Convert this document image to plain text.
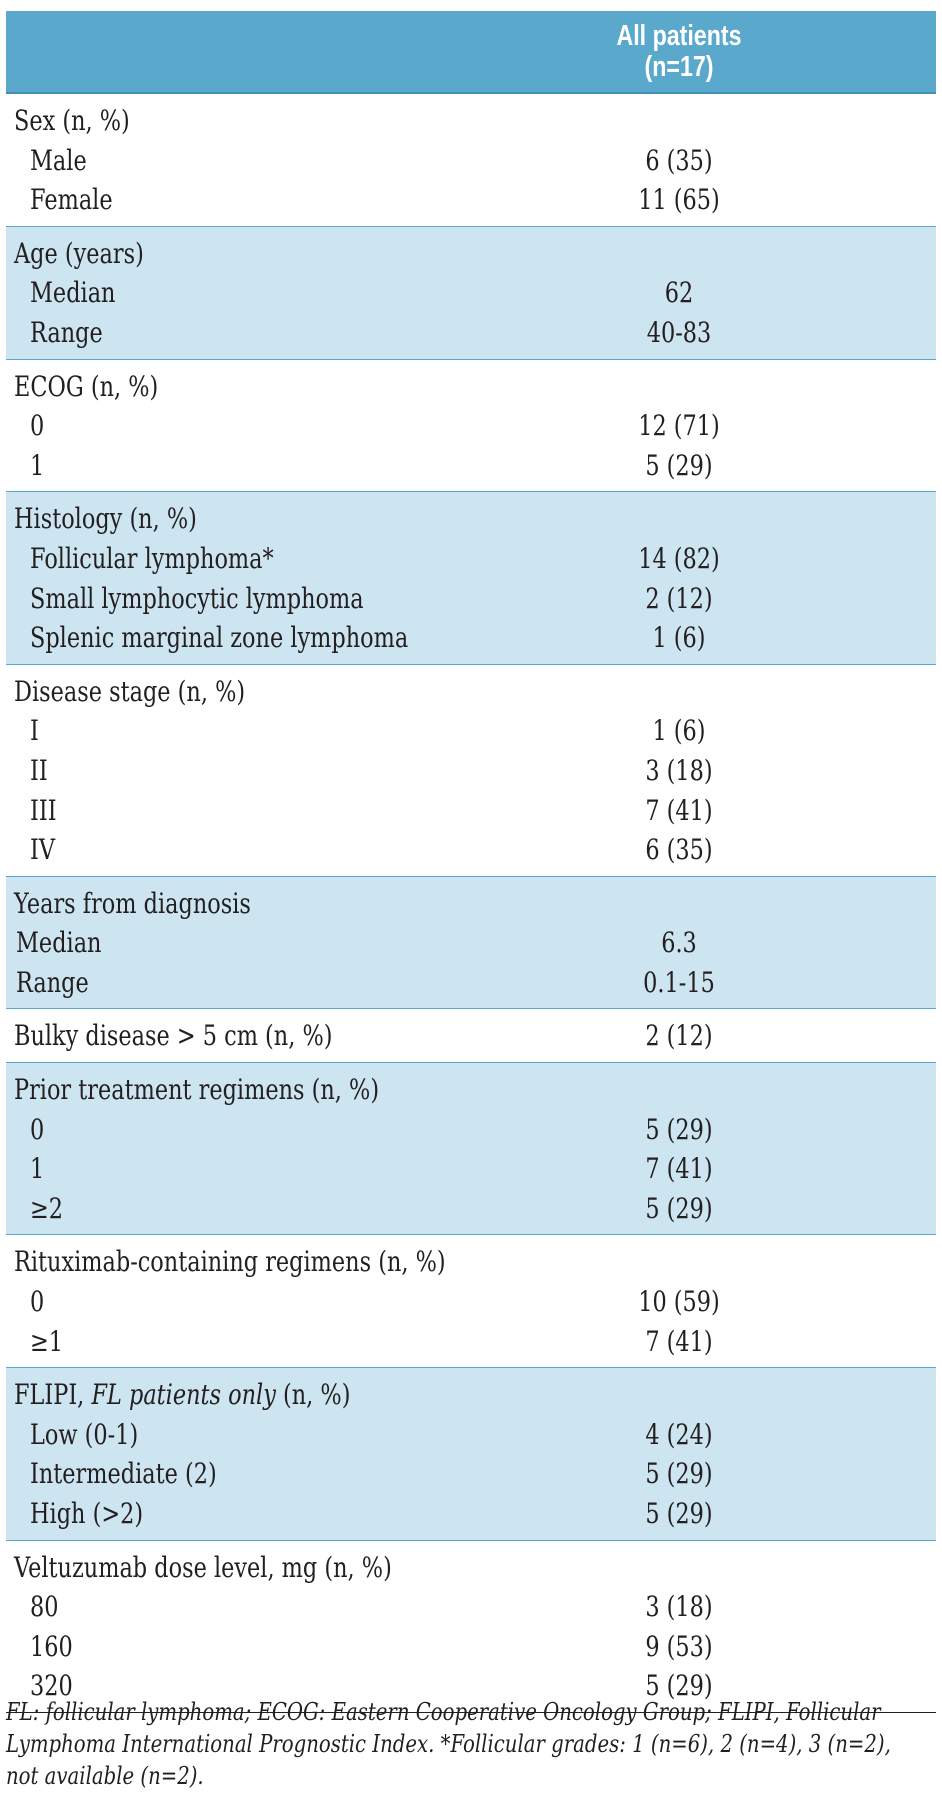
All patients
(n=17)
Sex (n, %)
Male	6 (35)
Female	11 (65)
Age (years)
Median	62
Range	40-83
ECOG (n, %)
0	12 (71)
1	5 (29)
Histology (n, %)
Follicular lymphoma*	14 (82)
Small lymphocytic lymphoma	2 (12)
Splenic marginal zone lymphoma	1 (6)
Disease stage (n, %)
I	1 (6)
II	3 (18)
III	7 (41)
IV	6 (35)
Years from diagnosis
Median	6.3
Range	0.1-15
Bulky disease > 5 cm (n, %)	2 (12)
Prior treatment regimens (n, %)
0	5 (29)
1	7 (41)
≥2	5 (29)
Rituximab-containing regimens (n, %)
0	10 (59)
≥1	7 (41)
FLIPI, FL patients only (n, %)
Low (0-1)	4 (24)
Intermediate (2)	5 (29)
High (>2)	5 (29)
Veltuzumab dose level, mg (n, %)
80	3 (18)
160	9 (53)
320	5 (29)
FL: follicular lymphoma; ECOG: Eastern Cooperative Oncology Group; FLIPI, Follicular
Lymphoma International Prognostic Index. *Follicular grades: 1 (n=6), 2 (n=4), 3 (n=2),
not available (n=2).
